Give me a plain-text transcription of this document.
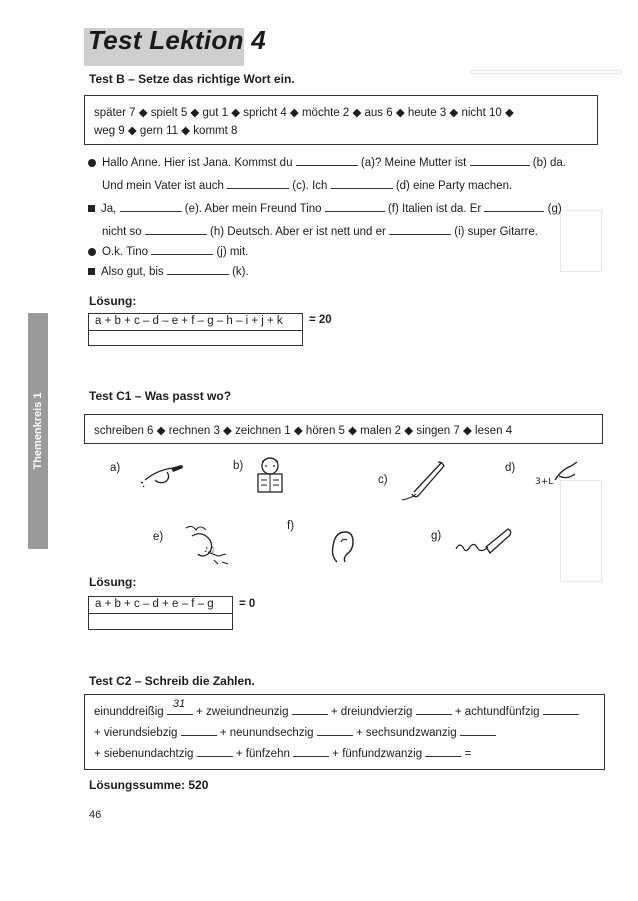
Test Lektion 4
Themenkreis 1
Test B – Setze das richtige Wort ein.
später 7 ◆ spielt 5 ◆ gut 1 ◆ spricht 4 ◆ möchte 2 ◆ aus 6 ◆ heute 3 ◆ nicht 10 ◆
weg 9 ◆ gern 11 ◆ kommt 8
Hallo Anne. Hier ist Jana. Kommst du	(a)? Meine Mutter ist	(b) da.
Und mein Vater ist auch	(c). Ich	(d) eine Party machen.
Ja,	(e). Aber mein Freund Tino	(f) Italien ist da. Er	(g)
nicht so	(h) Deutsch. Aber er ist nett und er	(i) super Gitarre.
O.k. Tino	(j) mit.
Also gut, bis	(k).
Lösung:
a + b + c – d – e + f – g – h – i + j + k = 20
Test C1 – Was passt wo?
schreiben 6 ◆ rechnen 3 ◆ zeichnen 1 ◆ hören 5 ◆ malen 2 ◆ singen 7 ◆ lesen 4
a)	b)
c)
d)
e)
f)
g)
3+L
♪♫
Lösung:
a + b + c – d + e – f – g = 0
Test C2 – Schreib die Zahlen.
einunddreißig
31
+ zweiundneunzig	+ dreiundvierzig	+ achtundfünfzig
+ vierundsiebzig	+ neunundsechzig	+ sechsundzwanzig
+ siebenundachtzig	+ fünfzehn	+ fünfundzwanzig	=
Lösungssumme: 520
46
